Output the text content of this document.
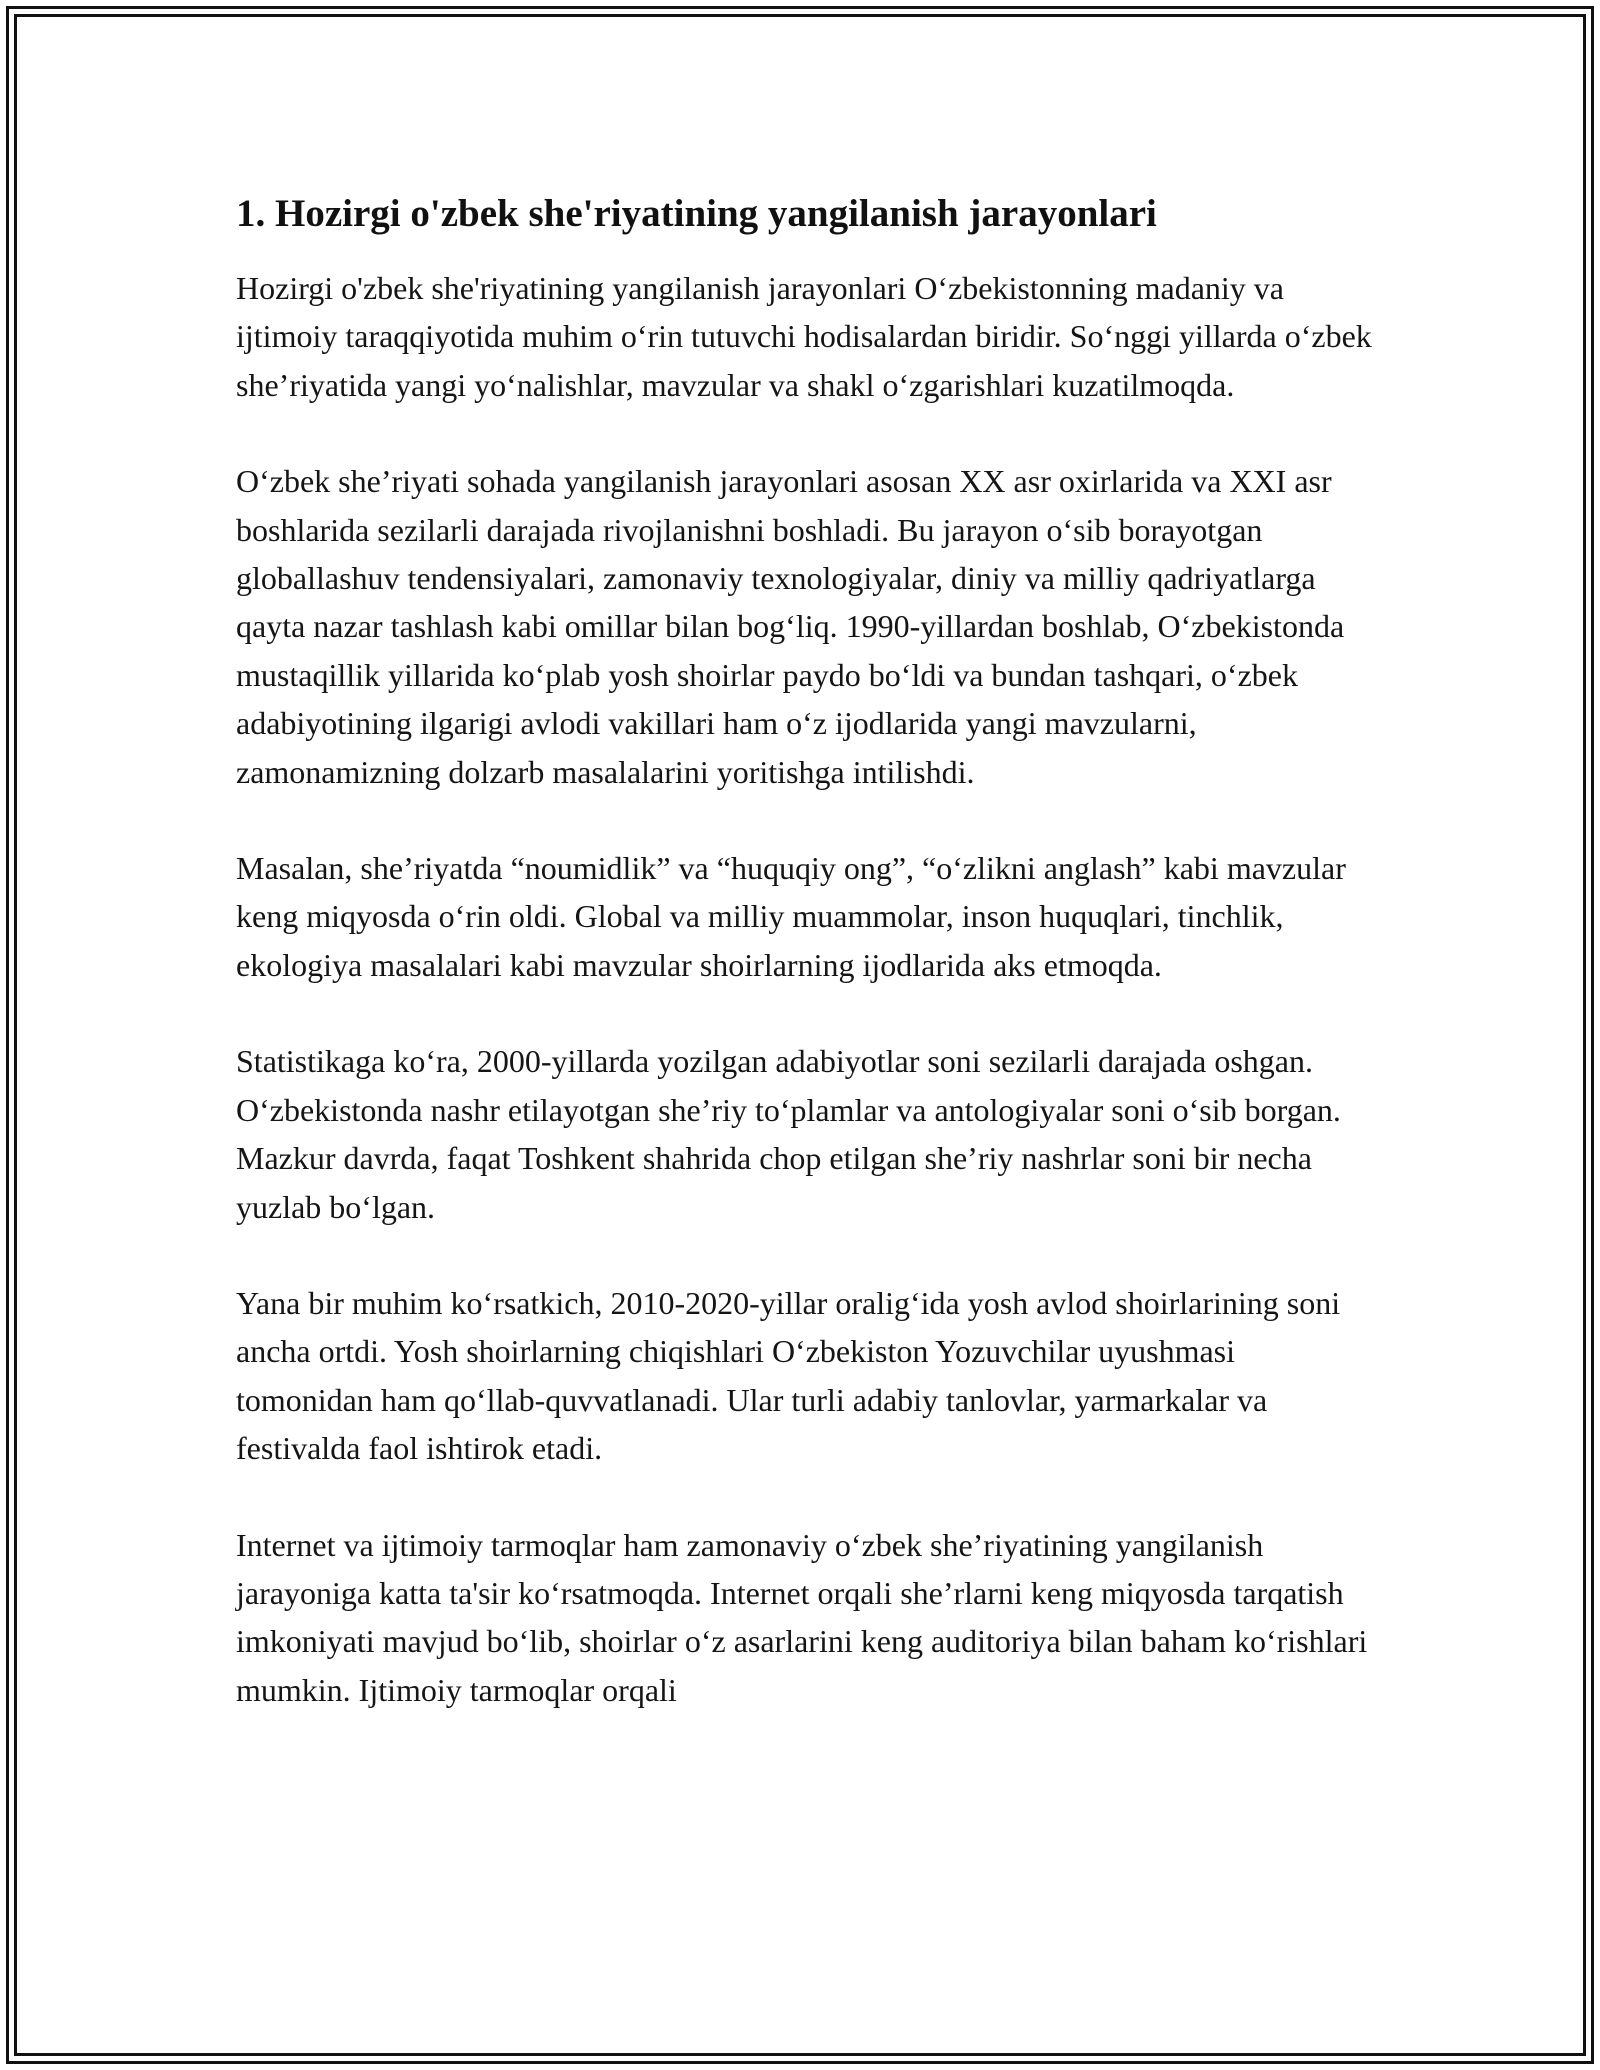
1. Hozirgi o'zbek she'riyatining yangilanish jarayonlari

Hozirgi o'zbek she'riyatining yangilanish jarayonlari O‘zbekistonning madaniy va ijtimoiy taraqqiyotida muhim o‘rin tutuvchi hodisalardan biridir. So‘nggi yillarda o‘zbek she’riyatida yangi yo‘nalishlar, mavzular va shakl o‘zgarishlari kuzatilmoqda.

O‘zbek she’riyati sohada yangilanish jarayonlari asosan XX asr oxirlarida va XXI asr boshlarida sezilarli darajada rivojlanishni boshladi. Bu jarayon o‘sib borayotgan globallashuv tendensiyalari, zamonaviy texnologiyalar, diniy va milliy qadriyatlarga qayta nazar tashlash kabi omillar bilan bog‘liq. 1990-yillardan boshlab, O‘zbekistonda mustaqillik yillarida ko‘plab yosh shoirlar paydo bo‘ldi va bundan tashqari, o‘zbek adabiyotining ilgarigi avlodi vakillari ham o‘z ijodlarida yangi mavzularni, zamonamizning dolzarb masalalarini yoritishga intilishdi.

Masalan, she’riyatda “noumidlik” va “huquqiy ong”, “o‘zlikni anglash” kabi mavzular keng miqyosda o‘rin oldi. Global va milliy muammolar, inson huquqlari, tinchlik, ekologiya masalalari kabi mavzular shoirlarning ijodlarida aks etmoqda.

Statistikaga ko‘ra, 2000-yillarda yozilgan adabiyotlar soni sezilarli darajada oshgan. O‘zbekistonda nashr etilayotgan she’riy to‘plamlar va antologiyalar soni o‘sib borgan. Mazkur davrda, faqat Toshkent shahrida chop etilgan she’riy nashrlar soni bir necha yuzlab bo‘lgan.

Yana bir muhim ko‘rsatkich, 2010-2020-yillar oralig‘ida yosh avlod shoirlarining soni ancha ortdi. Yosh shoirlarning chiqishlari O‘zbekiston Yozuvchilar uyushmasi tomonidan ham qo‘llab-quvvatlanadi. Ular turli adabiy tanlovlar, yarmarkalar va festivalda faol ishtirok etadi.

Internet va ijtimoiy tarmoqlar ham zamonaviy o‘zbek she’riyatining yangilanish jarayoniga katta ta'sir ko‘rsatmoqda. Internet orqali she’rlarni keng miqyosda tarqatish imkoniyati mavjud bo‘lib, shoirlar o‘z asarlarini keng auditoriya bilan baham ko‘rishlari mumkin. Ijtimoiy tarmoqlar orqali
